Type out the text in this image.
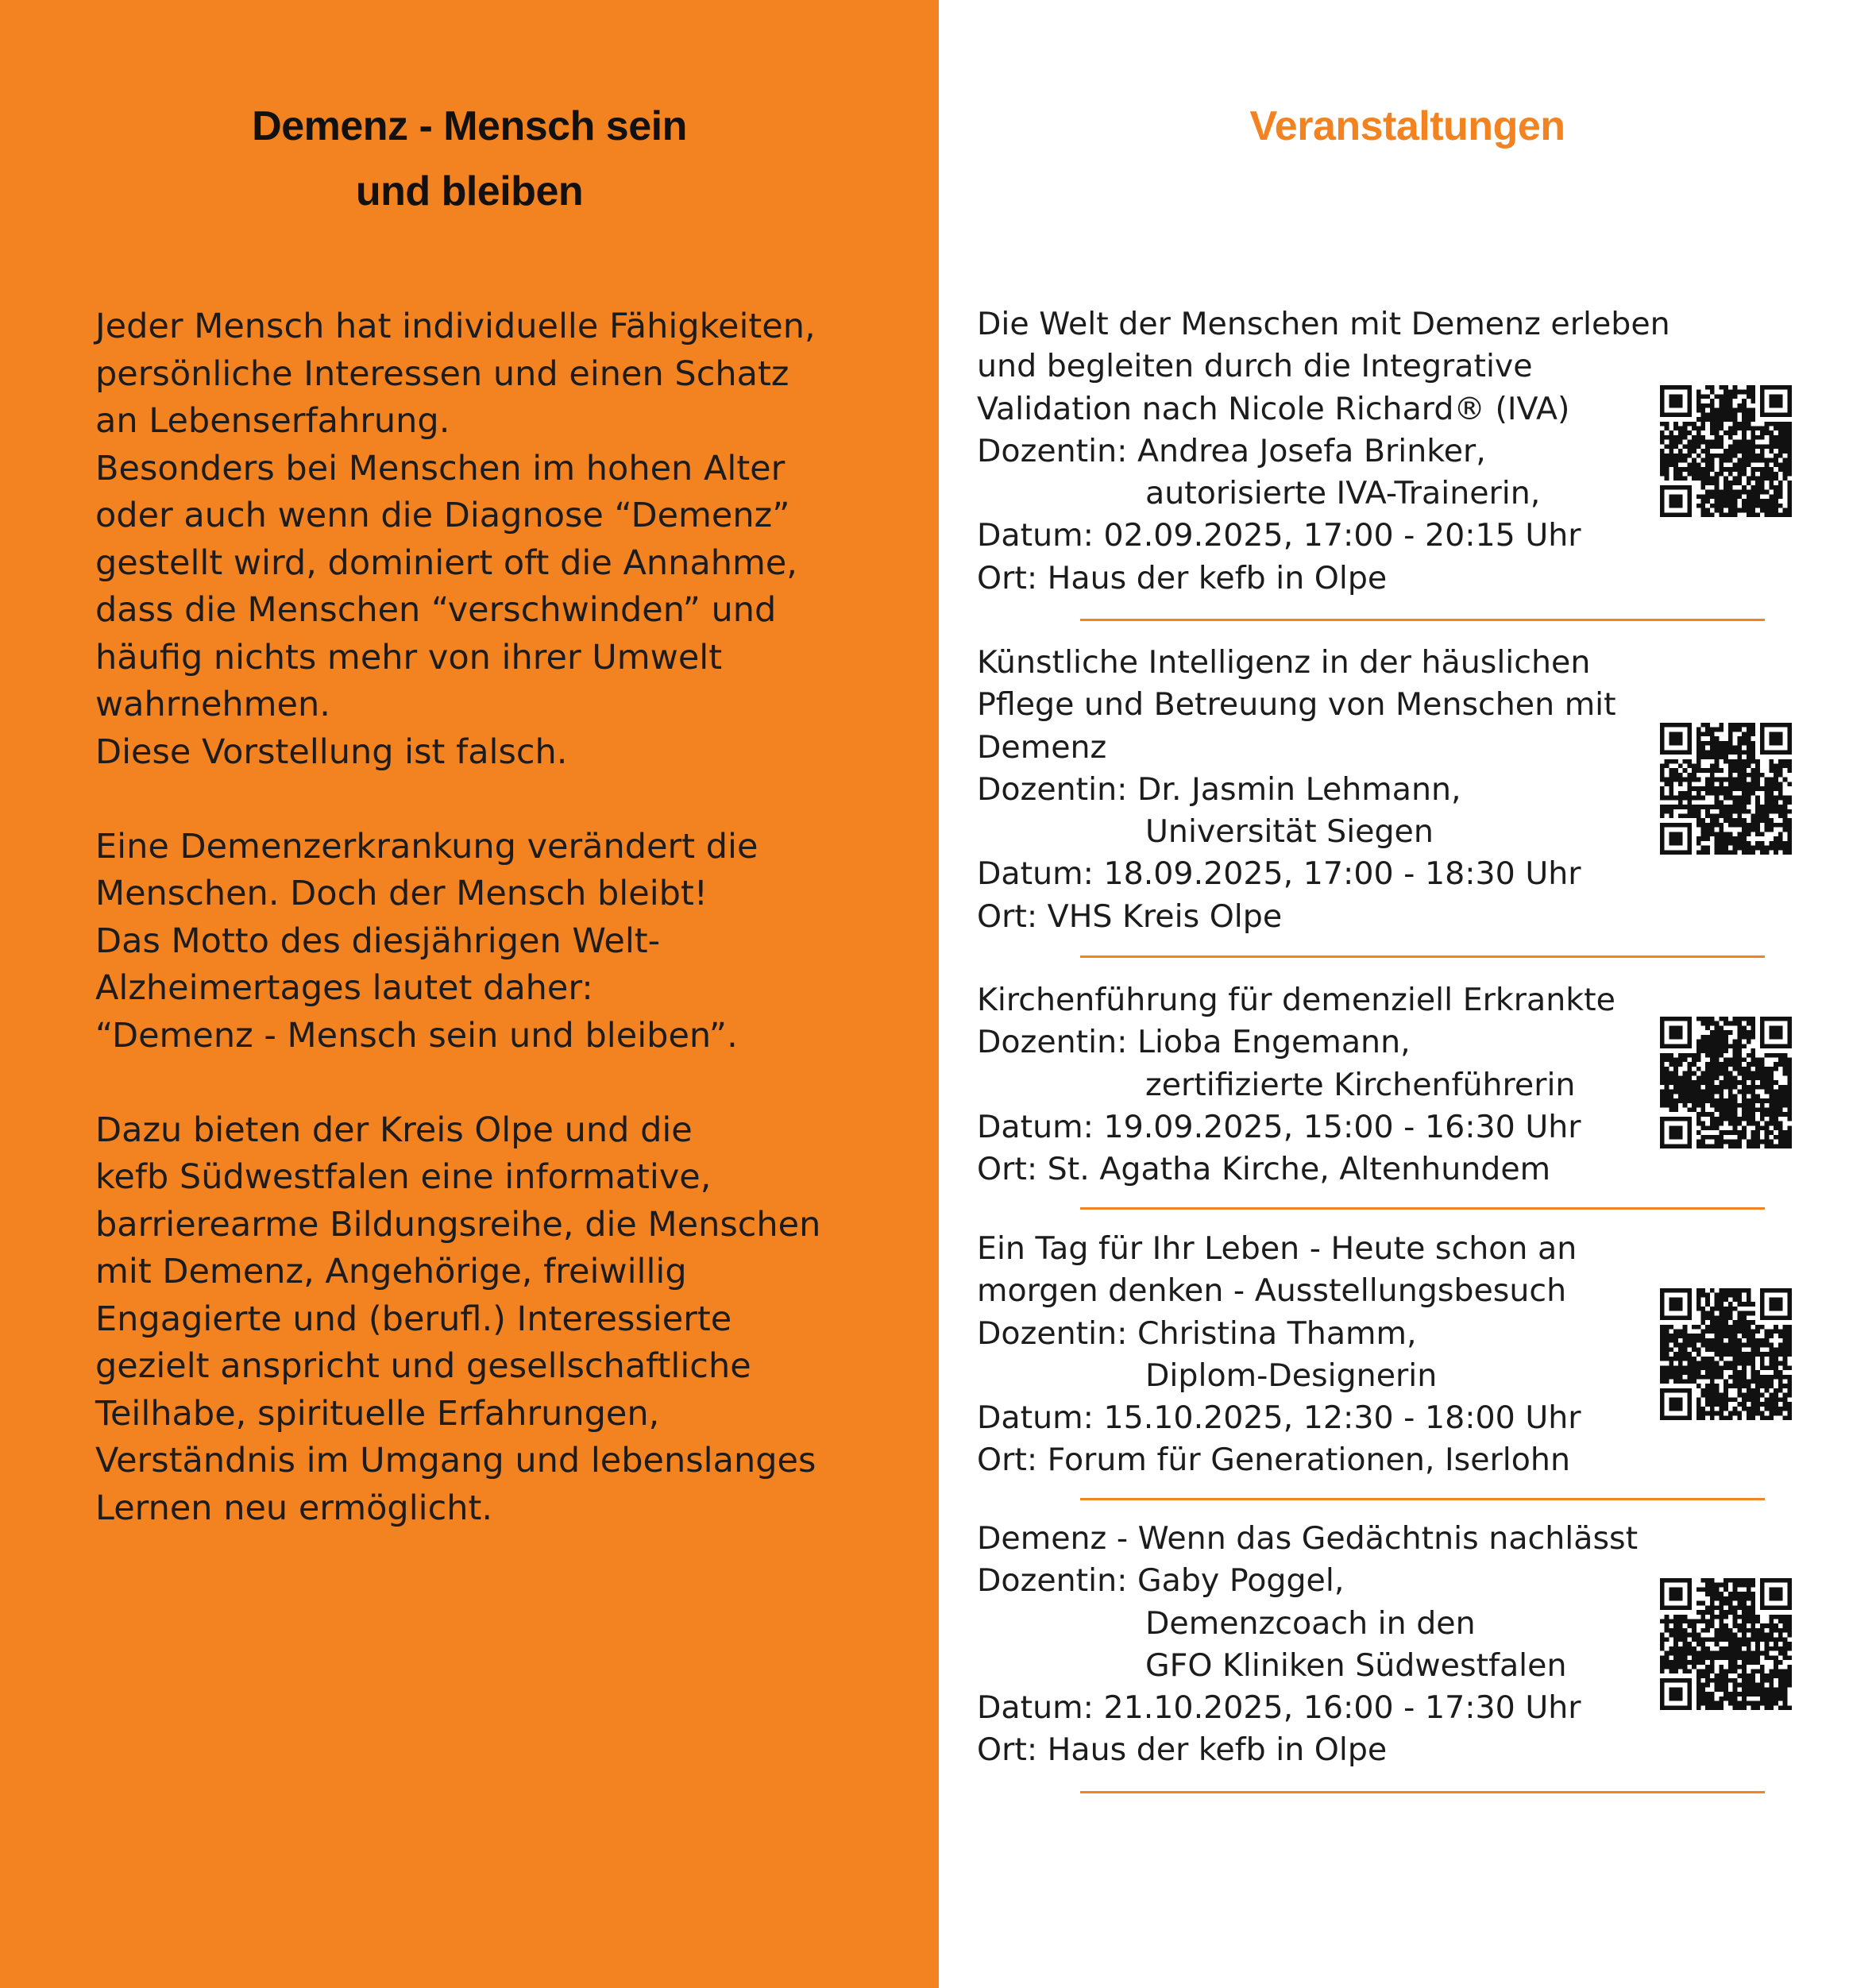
Demenz - Mensch sein
und bleiben

Jeder Mensch hat individuelle Fähigkeiten,
persönliche Interessen und einen Schatz
an Lebenserfahrung.
Besonders bei Menschen im hohen Alter
oder auch wenn die Diagnose “Demenz”
gestellt wird, dominiert oft die Annahme,
dass die Menschen “verschwinden” und
häufig nichts mehr von ihrer Umwelt
wahrnehmen.
Diese Vorstellung ist falsch.

Eine Demenzerkrankung verändert die
Menschen. Doch der Mensch bleibt!
Das Motto des diesjährigen Welt-
Alzheimertages lautet daher:
“Demenz - Mensch sein und bleiben”.

Dazu bieten der Kreis Olpe und die
kefb Südwestfalen eine informative,
barrierearme Bildungsreihe, die Menschen
mit Demenz, Angehörige, freiwillig
Engagierte und (berufl.) Interessierte
gezielt anspricht und gesellschaftliche
Teilhabe, spirituelle Erfahrungen,
Verständnis im Umgang und lebenslanges
Lernen neu ermöglicht.

Veranstaltungen
Die Welt der Menschen mit Demenz erleben
und begleiten durch die Integrative
Validation nach Nicole Richard® (IVA)
Dozentin: Andrea Josefa Brinker,
autorisierte IVA-Trainerin,
Datum: 02.09.2025, 17:00 - 20:15 Uhr
Ort: Haus der kefb in Olpe
Künstliche Intelligenz in der häuslichen
Pflege und Betreuung von Menschen mit
Demenz
Dozentin: Dr. Jasmin Lehmann,
Universität Siegen
Datum: 18.09.2025, 17:00 - 18:30 Uhr
Ort: VHS Kreis Olpe
Kirchenführung für demenziell Erkrankte
Dozentin: Lioba Engemann,
zertifizierte Kirchenführerin
Datum: 19.09.2025, 15:00 - 16:30 Uhr
Ort: St. Agatha Kirche, Altenhundem
Ein Tag für Ihr Leben - Heute schon an
morgen denken - Ausstellungsbesuch
Dozentin: Christina Thamm,
Diplom-Designerin
Datum: 15.10.2025, 12:30 - 18:00 Uhr
Ort: Forum für Generationen, Iserlohn
Demenz - Wenn das Gedächtnis nachlässt
Dozentin: Gaby Poggel,
Demenzcoach in den
GFO Kliniken Südwestfalen
Datum: 21.10.2025, 16:00 - 17:30 Uhr
Ort: Haus der kefb in Olpe
